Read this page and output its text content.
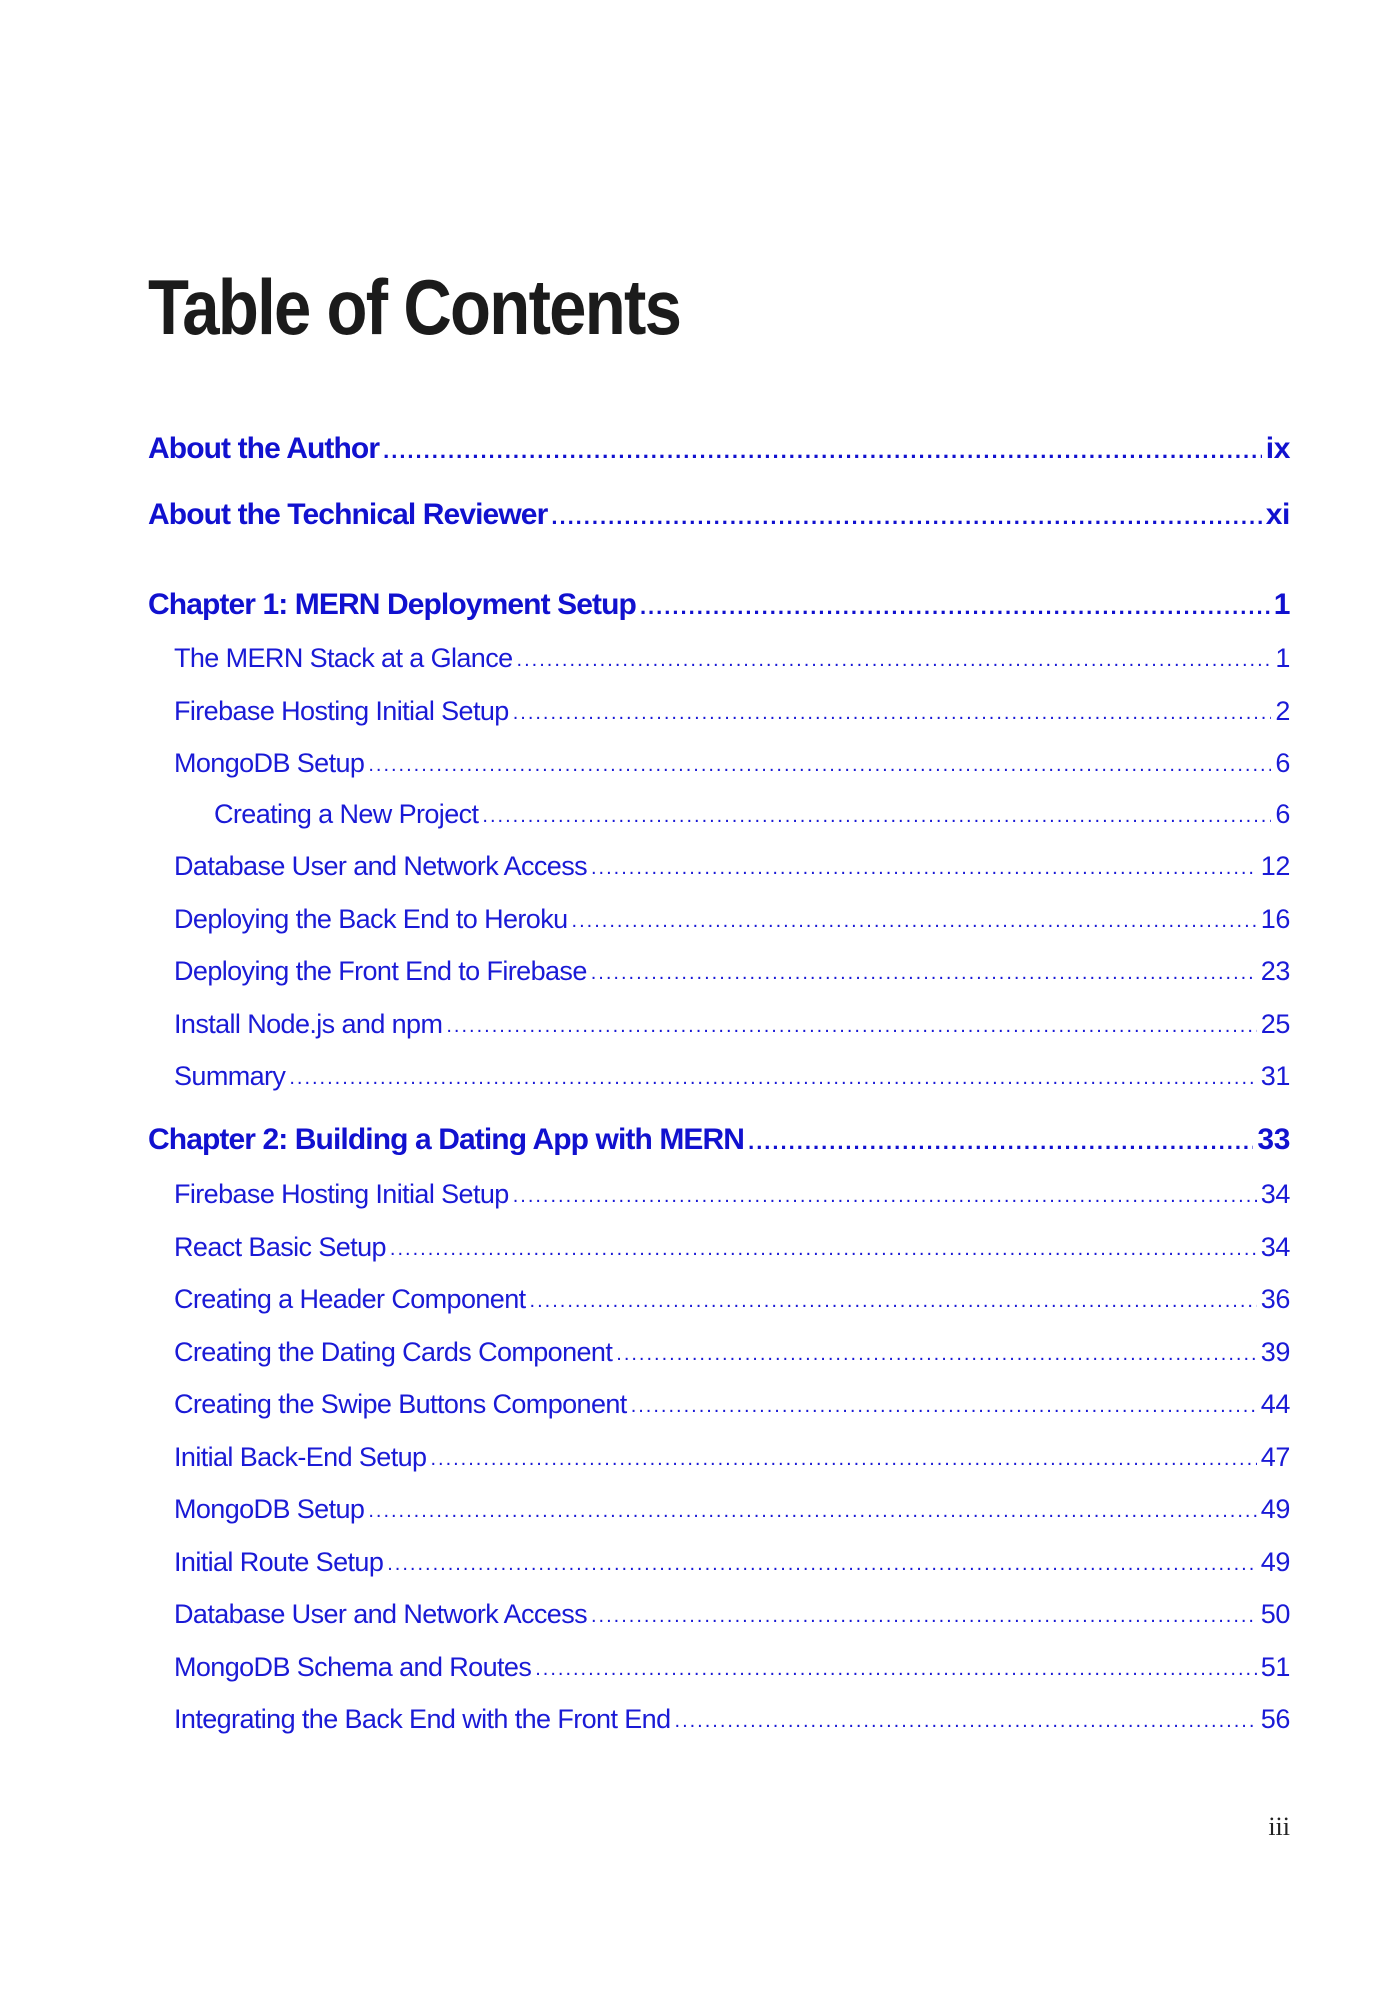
Table of Contents
About the Author .....	ix
About the Technical Reviewer .....	xi
Chapter 1: MERN Deployment Setup .....	1
The MERN Stack at a Glance .....	1
Firebase Hosting Initial Setup .....	2
MongoDB Setup .....	6
Creating a New Project .....	6
Database User and Network Access .....	12
Deploying the Back End to Heroku .....	16
Deploying the Front End to Firebase .....	23
Install Node.js and npm .....	25
Summary .....	31
Chapter 2: Building a Dating App with MERN .....	33
Firebase Hosting Initial Setup .....	34
React Basic Setup .....	34
Creating a Header Component .....	36
Creating the Dating Cards Component .....	39
Creating the Swipe Buttons Component .....	44
Initial Back-End Setup .....	47
MongoDB Setup .....	49
Initial Route Setup .....	49
Database User and Network Access .....	50
MongoDB Schema and Routes .....	51
Integrating the Back End with the Front End .....	56
iii
